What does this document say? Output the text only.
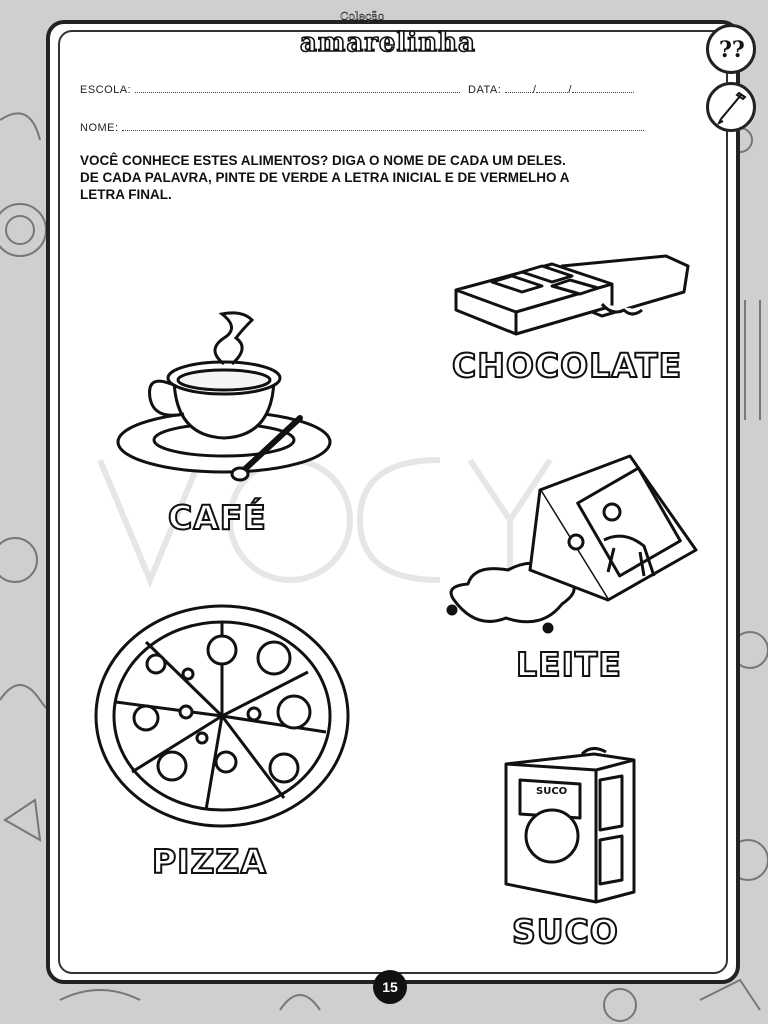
Coleção
amarelinha	??
ESCOLA:	DATA:	/	/
NOME:
VOCÊ CONHECE ESTES ALIMENTOS? DIGA O NOME DE CADA UM DELES.
DE CADA PALAVRA, PINTE DE VERDE A LETRA INICIAL E DE VERMELHO A
LETRA FINAL.
CHOCOLATE
CAFÉ
LEITE
PIZZA
SUCO
SUCO
15
